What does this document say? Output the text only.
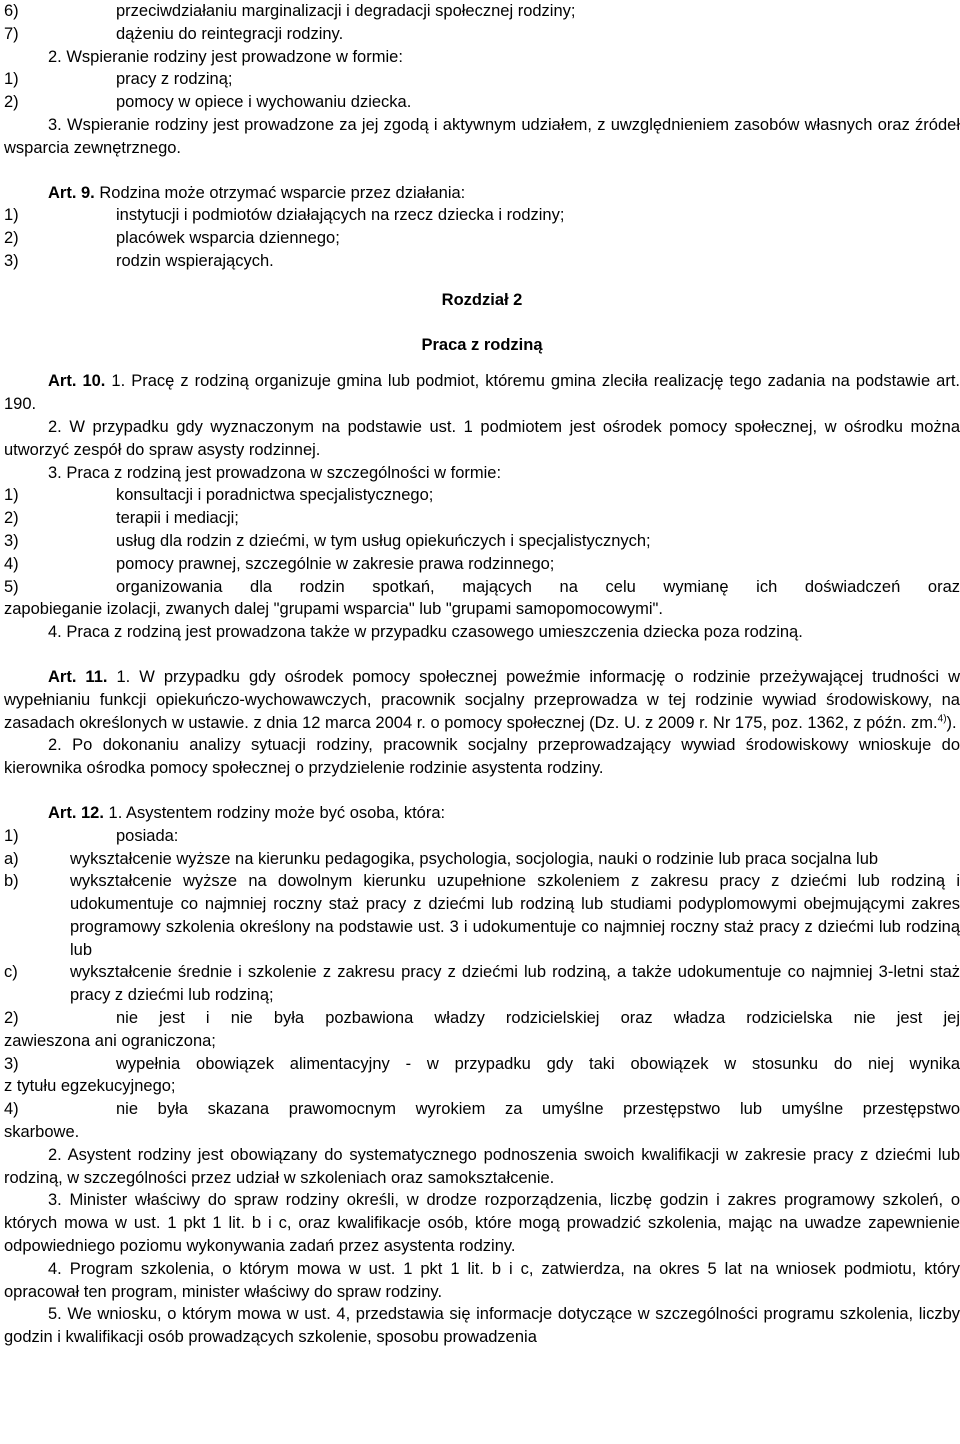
6)	przeciwdziałaniu marginalizacji i degradacji społecznej rodziny;

7)	dążeniu do reintegracji rodziny.

2. Wspieranie rodziny jest prowadzone w formie:

1)	pracy z rodziną;

2)	pomocy w opiece i wychowaniu dziecka.

3. Wspieranie rodziny jest prowadzone za jej zgodą i aktywnym udziałem, z uwzględnieniem zasobów własnych oraz źródeł wsparcia zewnętrznego.

Art. 9. Rodzina może otrzymać wsparcie przez działania:

1)	instytucji i podmiotów działających na rzecz dziecka i rodziny;

2)	placówek wsparcia dziennego;

3)	rodzin wspierających.

Rozdział 2

Praca z rodziną

Art. 10. 1. Pracę z rodziną organizuje gmina lub podmiot, któremu gmina zleciła realizację tego zadania na podstawie art. 190.

2. W przypadku gdy wyznaczonym na podstawie ust. 1 podmiotem jest ośrodek pomocy społecznej, w ośrodku można utworzyć zespół do spraw asysty rodzinnej.

3. Praca z rodziną jest prowadzona w szczególności w formie:

1)	konsultacji i poradnictwa specjalistycznego;

2)	terapii i mediacji;

3)	usług dla rodzin z dziećmi, w tym usług opiekuńczych i specjalistycznych;

4)	pomocy prawnej, szczególnie w zakresie prawa rodzinnego;

5)	organizowania dla rodzin spotkań, mających na celu wymianę ich doświadczeń oraz

zapobieganie izolacji, zwanych dalej "grupami wsparcia" lub "grupami samopomocowymi".

4. Praca z rodziną jest prowadzona także w przypadku czasowego umieszczenia dziecka poza rodziną.

Art. 11. 1. W przypadku gdy ośrodek pomocy społecznej poweźmie informację o rodzinie przeżywającej trudności w wypełnianiu funkcji opiekuńczo-wychowawczych, pracownik socjalny przeprowadza w tej rodzinie wywiad środowiskowy, na zasadach określonych w ustawie. z dnia 12 marca 2004 r. o pomocy społecznej (Dz. U. z 2009 r. Nr 175, poz. 1362, z późn. zm.$^{4)}$).

2. Po dokonaniu analizy sytuacji rodziny, pracownik socjalny przeprowadzający wywiad środowiskowy wnioskuje do kierownika ośrodka pomocy społecznej o przydzielenie rodzinie asystenta rodziny.

Art. 12. 1. Asystentem rodziny może być osoba, która:

1)	posiada:

a)	wykształcenie wyższe na kierunku pedagogika, psychologia, socjologia, nauki o rodzinie lub praca socjalna lub

b)	wykształcenie wyższe na dowolnym kierunku uzupełnione szkoleniem z zakresu pracy z dziećmi lub rodziną i udokumentuje co najmniej roczny staż pracy z dziećmi lub rodziną lub studiami podyplomowymi obejmującymi zakres programowy szkolenia określony na podstawie ust. 3 i udokumentuje co najmniej roczny staż pracy z dziećmi lub rodziną lub

c)	wykształcenie średnie i szkolenie z zakresu pracy z dziećmi lub rodziną, a także udokumentuje co najmniej 3-letni staż pracy z dziećmi lub rodziną;

2)	nie jest i nie była pozbawiona władzy rodzicielskiej oraz władza rodzicielska nie jest jej

zawieszona ani ograniczona;

3)	wypełnia obowiązek alimentacyjny - w przypadku gdy taki obowiązek w stosunku do niej wynika

z tytułu egzekucyjnego;

4)	nie była skazana prawomocnym wyrokiem za umyślne przestępstwo lub umyślne przestępstwo

skarbowe.

2. Asystent rodziny jest obowiązany do systematycznego podnoszenia swoich kwalifikacji w zakresie pracy z dziećmi lub rodziną, w szczególności przez udział w szkoleniach oraz samokształcenie.

3. Minister właściwy do spraw rodziny określi, w drodze rozporządzenia, liczbę godzin i zakres programowy szkoleń, o których mowa w ust. 1 pkt 1 lit. b i c, oraz kwalifikacje osób, które mogą prowadzić szkolenia, mając na uwadze zapewnienie odpowiedniego poziomu wykonywania zadań przez asystenta rodziny.

4. Program szkolenia, o którym mowa w ust. 1 pkt 1 lit. b i c, zatwierdza, na okres 5 lat na wniosek podmiotu, który opracował ten program, minister właściwy do spraw rodziny.

5. We wniosku, o którym mowa w ust. 4, przedstawia się informacje dotyczące w szczególności programu szkolenia, liczby godzin i kwalifikacji osób prowadzących szkolenie, sposobu prowadzenia
